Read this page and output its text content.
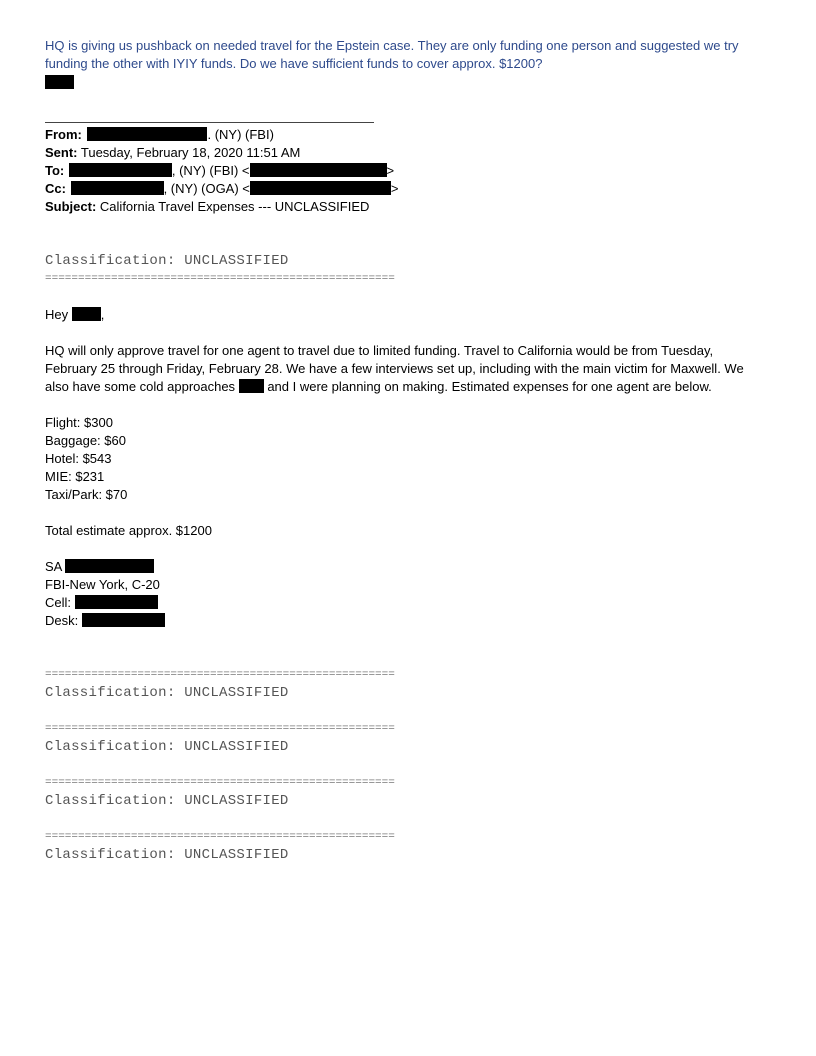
HQ is giving us pushback on needed travel for the Epstein case. They are only funding one person and suggested we try
funding the other with IYIY funds. Do we have sufficient funds to cover approx. $1200?
From:	. (NY) (FBI)
Sent: Tuesday, February 18, 2020 11:51 AM
To:	, (NY) (FBI) <	>
Cc:	, (NY) (OGA) <	>
Subject: California Travel Expenses --- UNCLASSIFIED
Classification: UNCLASSIFIED
=====================================================
Hey	,
HQ will only approve travel for one agent to travel due to limited funding. Travel to California would be from Tuesday,
February 25 through Friday, February 28. We have a few interviews set up, including with the main victim for Maxwell. We
also have some cold approaches and I were planning on making. Estimated expenses for one agent are below.
Flight: $300
Baggage: $60
Hotel: $543
MIE: $231
Taxi/Park: $70
Total estimate approx. $1200
SA
FBI-New York, C-20
Cell:
Desk:
=====================================================
Classification: UNCLASSIFIED
=====================================================
Classification: UNCLASSIFIED
=====================================================
Classification: UNCLASSIFIED
=====================================================
Classification: UNCLASSIFIED
